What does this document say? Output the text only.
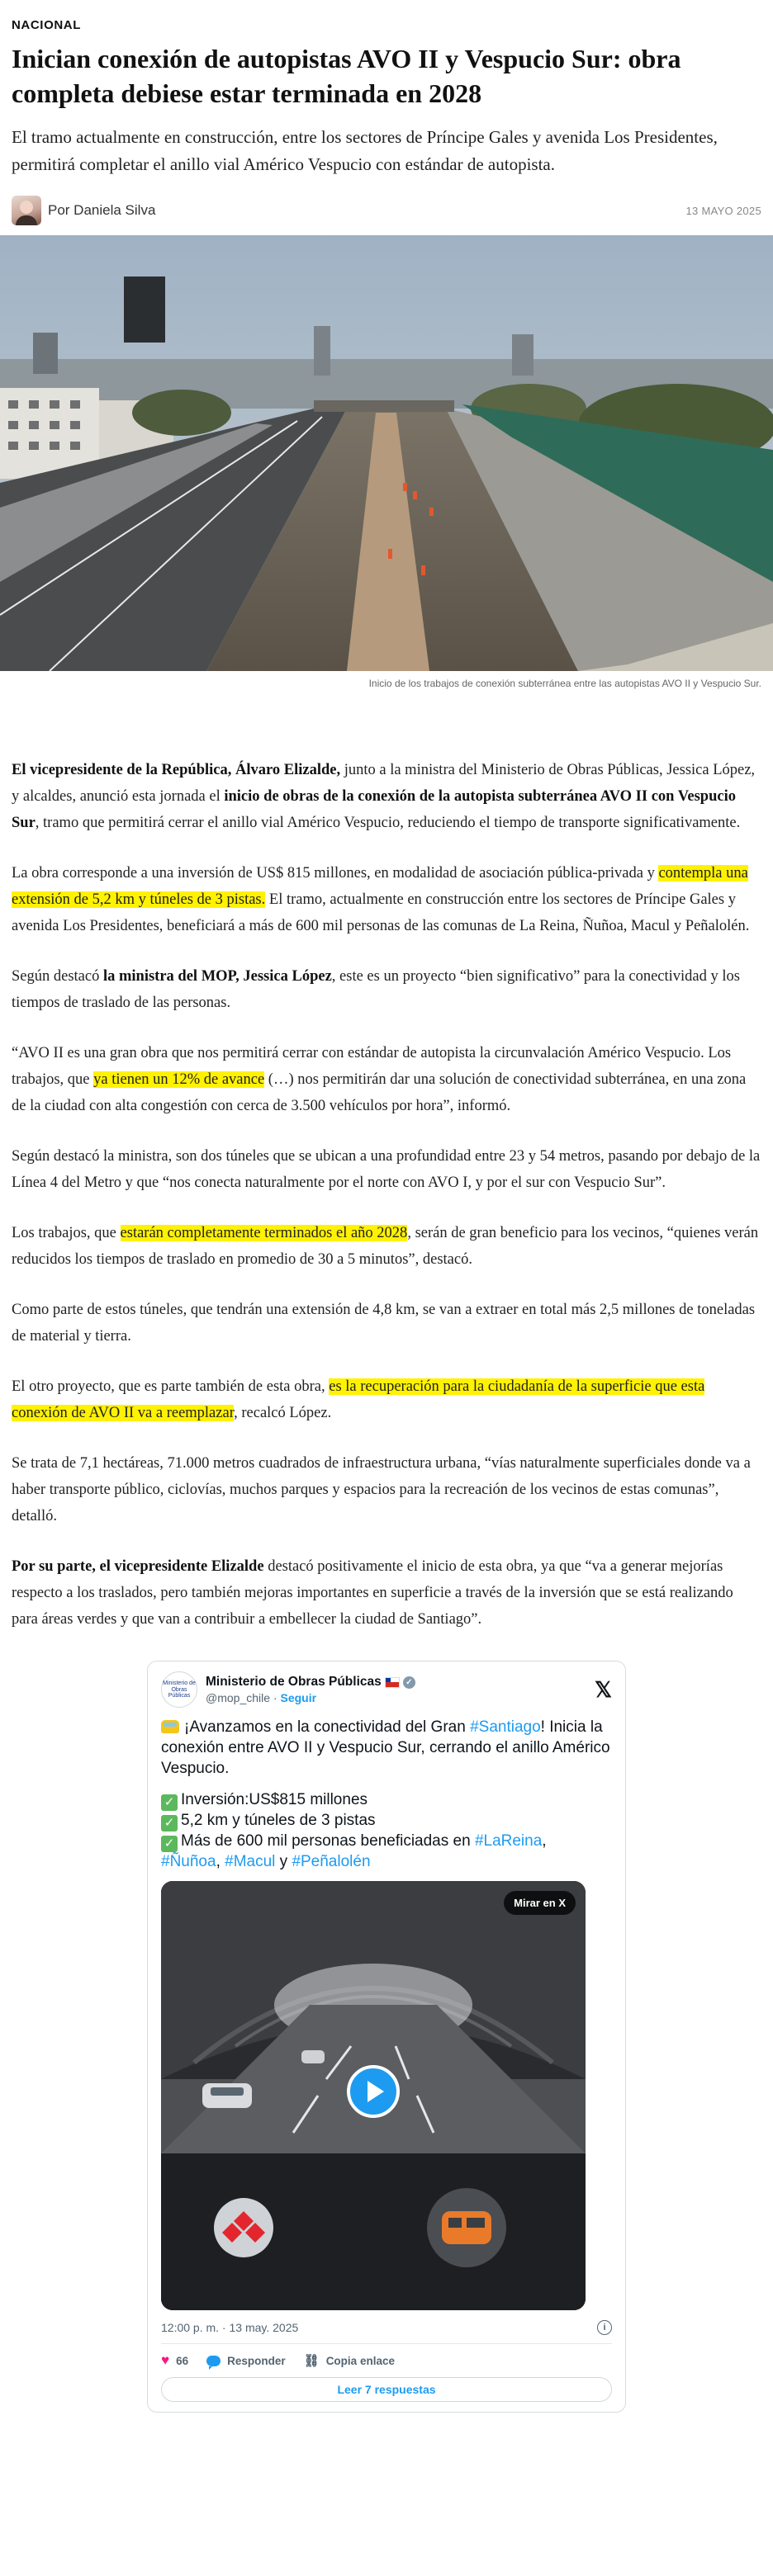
NACIONAL
Inician conexión de autopistas AVO II y Vespucio Sur: obra completa debiese estar terminada en 2028

El tramo actualmente en construcción, entre los sectores de Príncipe Gales y avenida Los Presidentes, permitirá completar el anillo vial Américo Vespucio con estándar de autopista.

Por Daniela Silva	13 MAYO 2025
Inicio de los trabajos de conexión subterránea entre las autopistas AVO II y Vespucio Sur.

El vicepresidente de la República, Álvaro Elizalde, junto a la ministra del Ministerio de Obras Públicas, Jessica López, y alcaldes, anunció esta jornada el inicio de obras de la conexión de la autopista subterránea AVO II con Vespucio Sur, tramo que permitirá cerrar el anillo vial Américo Vespucio, reduciendo el tiempo de transporte significativamente.

La obra corresponde a una inversión de US$ 815 millones, en modalidad de asociación pública-privada y contempla una extensión de 5,2 km y túneles de 3 pistas. El tramo, actualmente en construcción entre los sectores de Príncipe Gales y avenida Los Presidentes, beneficiará a más de 600 mil personas de las comunas de La Reina, Ñuñoa, Macul y Peñalolén.

Según destacó la ministra del MOP, Jessica López, este es un proyecto “bien significativo” para la conectividad y los tiempos de traslado de las personas.

“AVO II es una gran obra que nos permitirá cerrar con estándar de autopista la circunvalación Américo Vespucio. Los trabajos, que ya tienen un 12% de avance (…) nos permitirán dar una solución de conectividad subterránea, en una zona de la ciudad con alta congestión con cerca de 3.500 vehículos por hora”, informó.

Según destacó la ministra, son dos túneles que se ubican a una profundidad entre 23 y 54 metros, pasando por debajo de la Línea 4 del Metro y que “nos conecta naturalmente por el norte con AVO I, y por el sur con Vespucio Sur”.

Los trabajos, que estarán completamente terminados el año 2028, serán de gran beneficio para los vecinos, “quienes verán reducidos los tiempos de traslado en promedio de 30 a 5 minutos”, destacó.

Como parte de estos túneles, que tendrán una extensión de 4,8 km, se van a extraer en total más 2,5 millones de toneladas de material y tierra.

El otro proyecto, que es parte también de esta obra, es la recuperación para la ciudadanía de la superficie que esta conexión de AVO II va a reemplazar, recalcó López.

Se trata de 7,1 hectáreas, 71.000 metros cuadrados de infraestructura urbana, “vías naturalmente superficiales donde va a haber transporte público, ciclovías, muchos parques y espacios para la recreación de los vecinos de estas comunas”, detalló.

Por su parte, el vicepresidente Elizalde destacó positivamente el inicio de esta obra, ya que “va a generar mejorías respecto a los traslados, pero también mejoras importantes en superficie a través de la inversión que se está realizando para áreas verdes y que van a contribuir a embellecer la ciudad de Santiago”.

Ministerio de Obras Públicas
Ministerio de Obras Públicas	✓
@mop_chile · Seguir	𝕏
¡Avanzamos en la conectividad del Gran #Santiago! Inicia la conexión entre AVO II y Vespucio Sur, cerrando el anillo Américo Vespucio.
✓ Inversión:US$815 millones
✓ 5,2 km y túneles de 3 pistas
✓ Más de 600 mil personas beneficiadas en #LaReina,
#Ñuñoa, #Macul y #Peñalolén
Mirar en X
12:00 p. m. · 13 may. 2025	i
♥ 66	Responder ⛓ Copia enlace
Leer 7 respuestas
